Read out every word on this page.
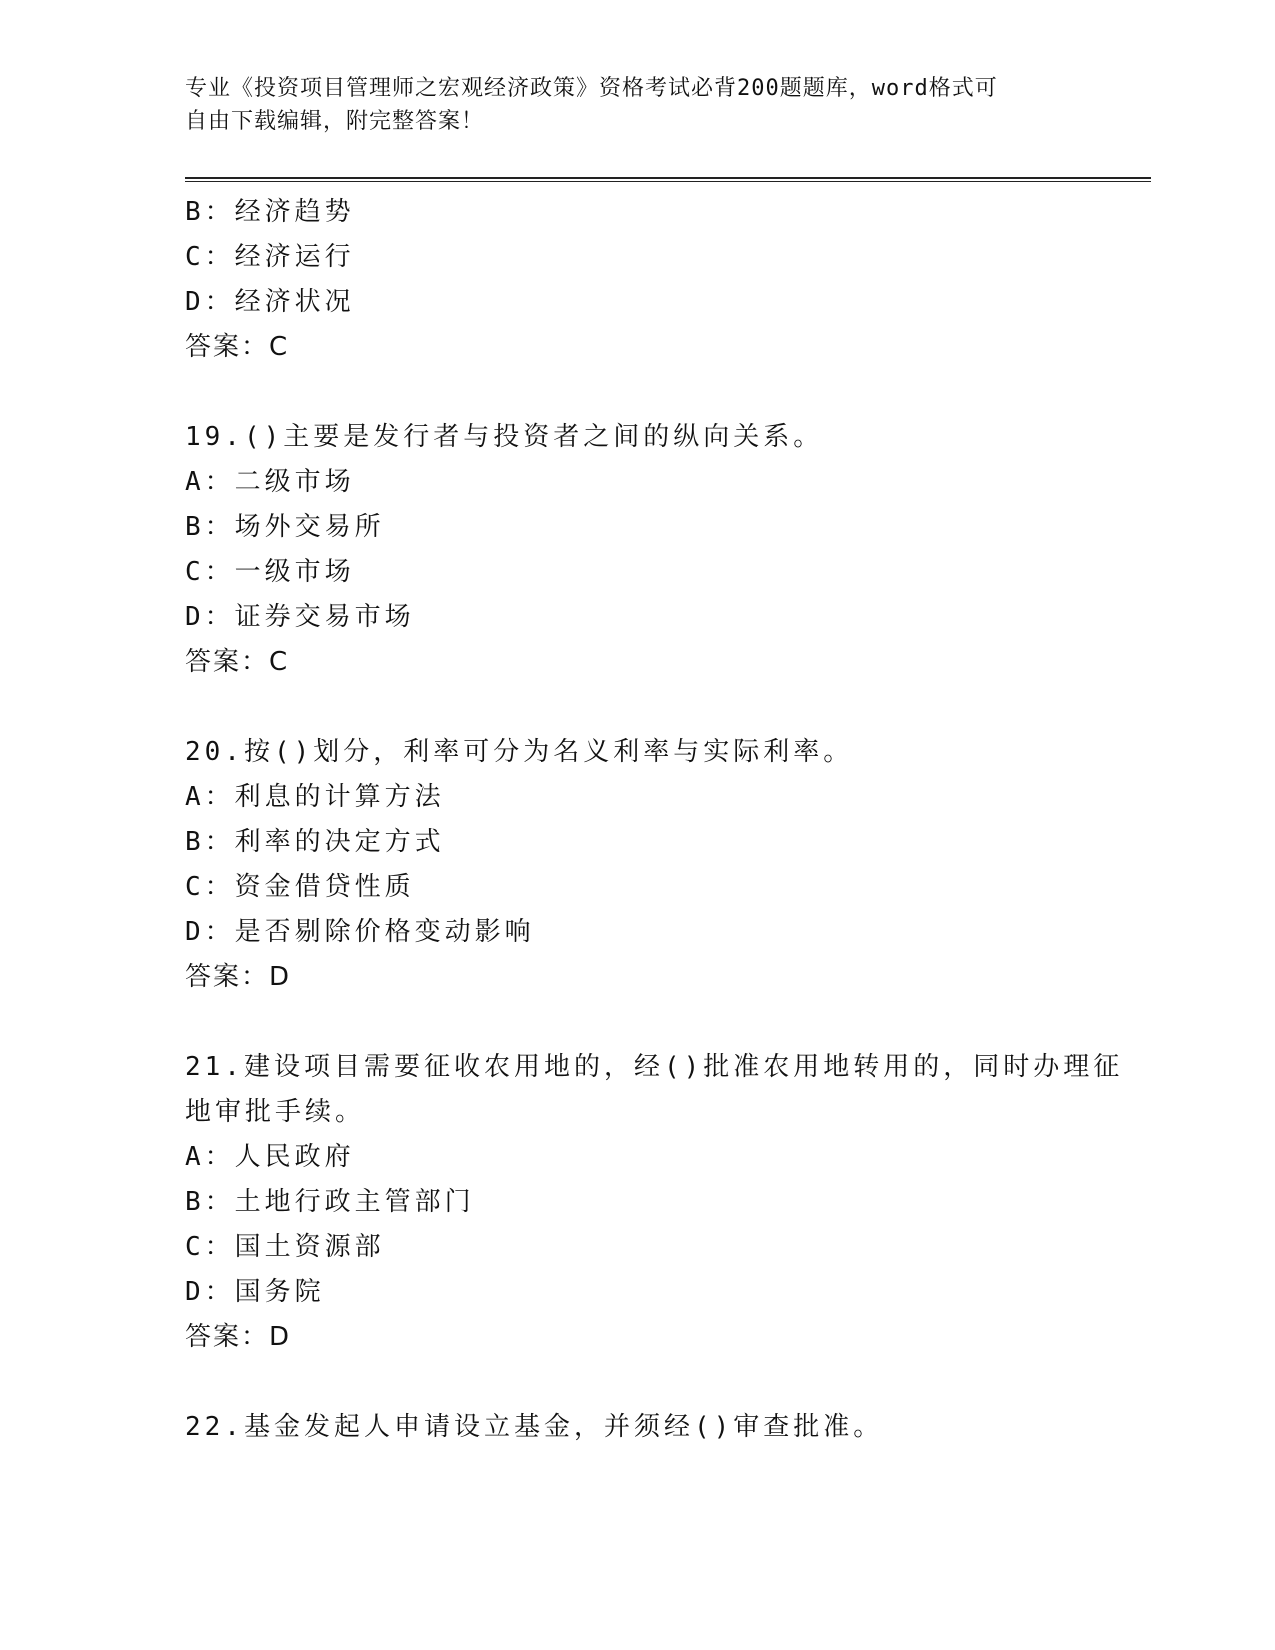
专业《投资项目管理师之宏观经济政策》资格考试必背200题题库，word格式可
自由下载编辑，附完整答案！
B：经济趋势
C：经济运行
D：经济状况
答案：C
19.()主要是发行者与投资者之间的纵向关系。
A：二级市场
B：场外交易所
C：一级市场
D：证券交易市场
答案：C
20.按()划分，利率可分为名义利率与实际利率。
A：利息的计算方法
B：利率的决定方式
C：资金借贷性质
D：是否剔除价格变动影响
答案：D
21.建设项目需要征收农用地的，经()批准农用地转用的，同时办理征
地审批手续。
A：人民政府
B：土地行政主管部门
C：国土资源部
D：国务院
答案：D
22.基金发起人申请设立基金，并须经()审查批准。
